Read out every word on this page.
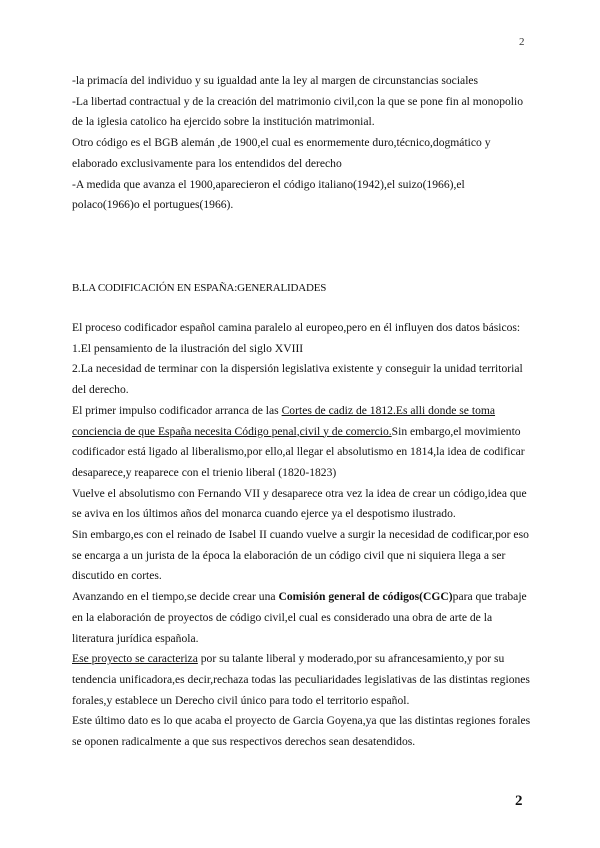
2

-la primacía del individuo y su igualdad ante la ley al margen de circunstancias sociales

-La libertad contractual y de la creación del matrimonio civil,con la que se pone fin al monopolio de la iglesia catolico ha ejercido sobre la institución matrimonial.

Otro código es el BGB alemán ,de 1900,el cual es enormemente duro,técnico,dogmático y elaborado exclusivamente para los entendidos del derecho

-A medida que avanza el 1900,aparecieron el código italiano(1942),el suizo(1966),el polaco(1966)o el portugues(1966).

B.LA CODIFICACIÓN EN ESPAÑA:GENERALIDADES

El proceso codificador español camina paralelo al europeo,pero en él influyen dos datos básicos:

1.El pensamiento de la ilustración del siglo XVIII

2.La necesidad de terminar con la dispersión legislativa existente y conseguir la unidad territorial del derecho.

El primer impulso codificador arranca de las Cortes de cadiz de 1812.Es alli donde se toma conciencia de que España necesita Código penal,civil y de comercio.Sin embargo,el movimiento codificador está ligado al liberalismo,por ello,al llegar el absolutismo en 1814,la idea de codificar desaparece,y reaparece con el trienio liberal (1820-1823)

Vuelve el absolutismo con Fernando VII y desaparece otra vez la idea de crear un código,idea que se aviva en los últimos años del monarca cuando ejerce ya el despotismo ilustrado.

Sin embargo,es con el reinado de Isabel II cuando vuelve a surgir la necesidad de codificar,por eso se encarga a un jurista de la época la elaboración de un código civil que ni siquiera llega a ser discutido en cortes.

Avanzando en el tiempo,se decide crear una Comisión general de códigos(CGC)para que trabaje en la elaboración de proyectos de código civil,el cual es considerado una obra de arte de la literatura jurídica española.

Ese proyecto se caracteriza por su talante liberal y moderado,por su afrancesamiento,y por su tendencia unificadora,es decir,rechaza todas las peculiaridades legislativas de las distintas regiones forales,y establece un Derecho civil único para todo el territorio español.

Este último dato es lo que acaba el proyecto de Garcia Goyena,ya que las distintas regiones forales se oponen radicalmente a que sus respectivos derechos sean desatendidos.

2
